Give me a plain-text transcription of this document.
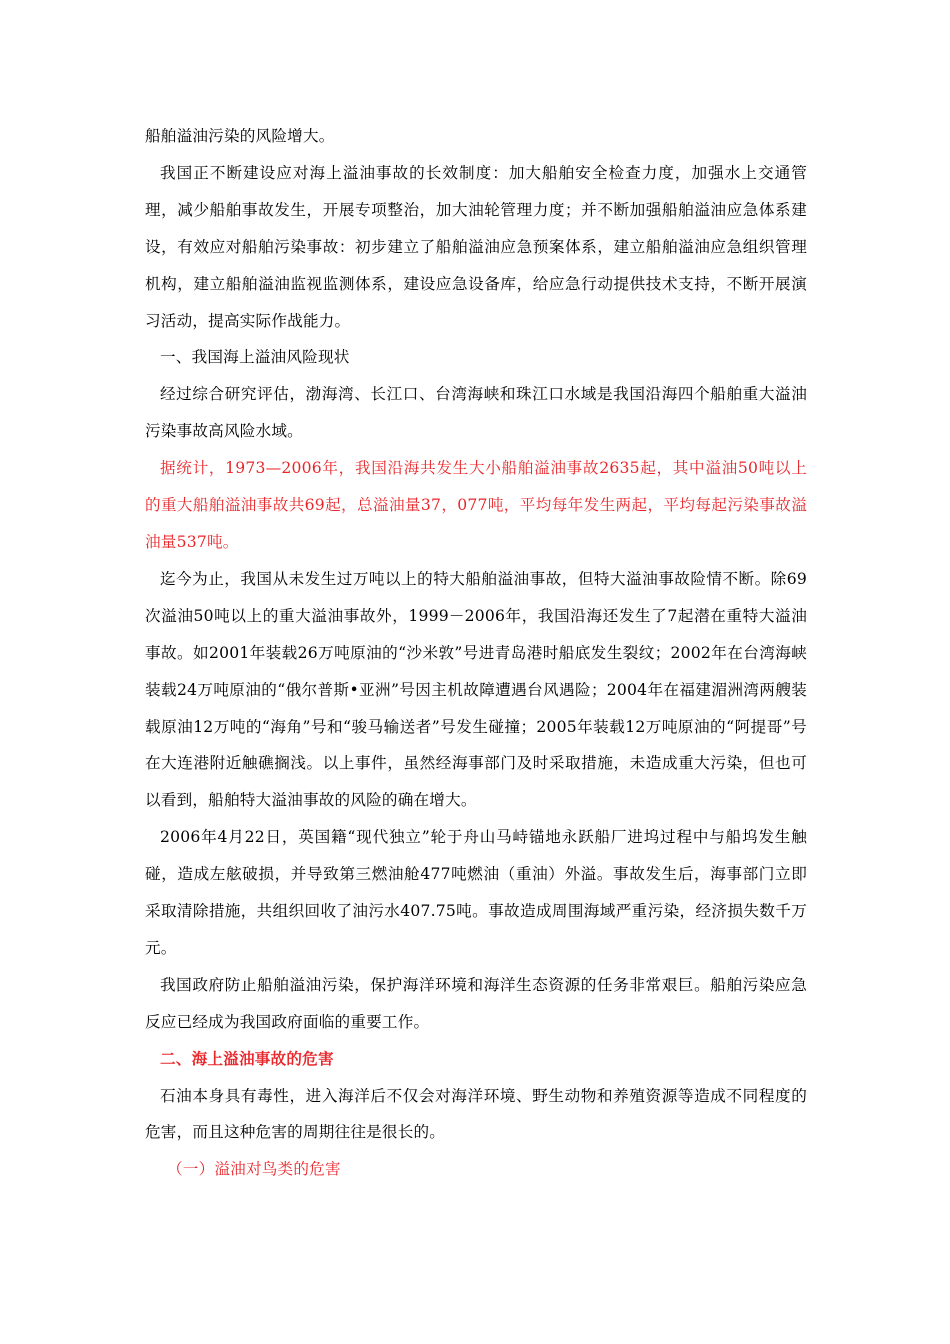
船舶溢油污染的风险增大。

我国正不断建设应对海上溢油事故的长效制度：加大船舶安全检查力度，加强水上交通管理，减少船舶事故发生，开展专项整治，加大油轮管理力度；并不断加强船舶溢油应急体系建设，有效应对船舶污染事故：初步建立了船舶溢油应急预案体系，建立船舶溢油应急组织管理机构，建立船舶溢油监视监测体系，建设应急设备库，给应急行动提供技术支持，不断开展演习活动，提高实际作战能力。

一、我国海上溢油风险现状

经过综合研究评估，渤海湾、长江口、台湾海峡和珠江口水域是我国沿海四个船舶重大溢油污染事故高风险水域。

据统计，1973—2006年，我国沿海共发生大小船舶溢油事故2635起，其中溢油50吨以上的重大船舶溢油事故共69起，总溢油量37，077吨，平均每年发生两起，平均每起污染事故溢油量537吨。

迄今为止，我国从未发生过万吨以上的特大船舶溢油事故，但特大溢油事故险情不断。除69次溢油50吨以上的重大溢油事故外，1999－2006年，我国沿海还发生了7起潜在重特大溢油事故。如2001年装载26万吨原油的“沙米敦”号进青岛港时船底发生裂纹；2002年在台湾海峡装载24万吨原油的“俄尔普斯•亚洲”号因主机故障遭遇台风遇险；2004年在福建湄洲湾两艘装载原油12万吨的“海角”号和“骏马输送者”号发生碰撞；2005年装载12万吨原油的“阿提哥”号在大连港附近触礁搁浅。以上事件，虽然经海事部门及时采取措施，未造成重大污染，但也可以看到，船舶特大溢油事故的风险的确在增大。

2006年4月22日，英国籍“现代独立”轮于舟山马峙锚地永跃船厂进坞过程中与船坞发生触碰，造成左舷破损，并导致第三燃油舱477吨燃油（重油）外溢。事故发生后，海事部门立即采取清除措施，共组织回收了油污水407.75吨。事故造成周围海域严重污染，经济损失数千万元。

我国政府防止船舶溢油污染，保护海洋环境和海洋生态资源的任务非常艰巨。船舶污染应急反应已经成为我国政府面临的重要工作。

二、海上溢油事故的危害

石油本身具有毒性，进入海洋后不仅会对海洋环境、野生动物和养殖资源等造成不同程度的危害，而且这种危害的周期往往是很长的。

（一）溢油对鸟类的危害
